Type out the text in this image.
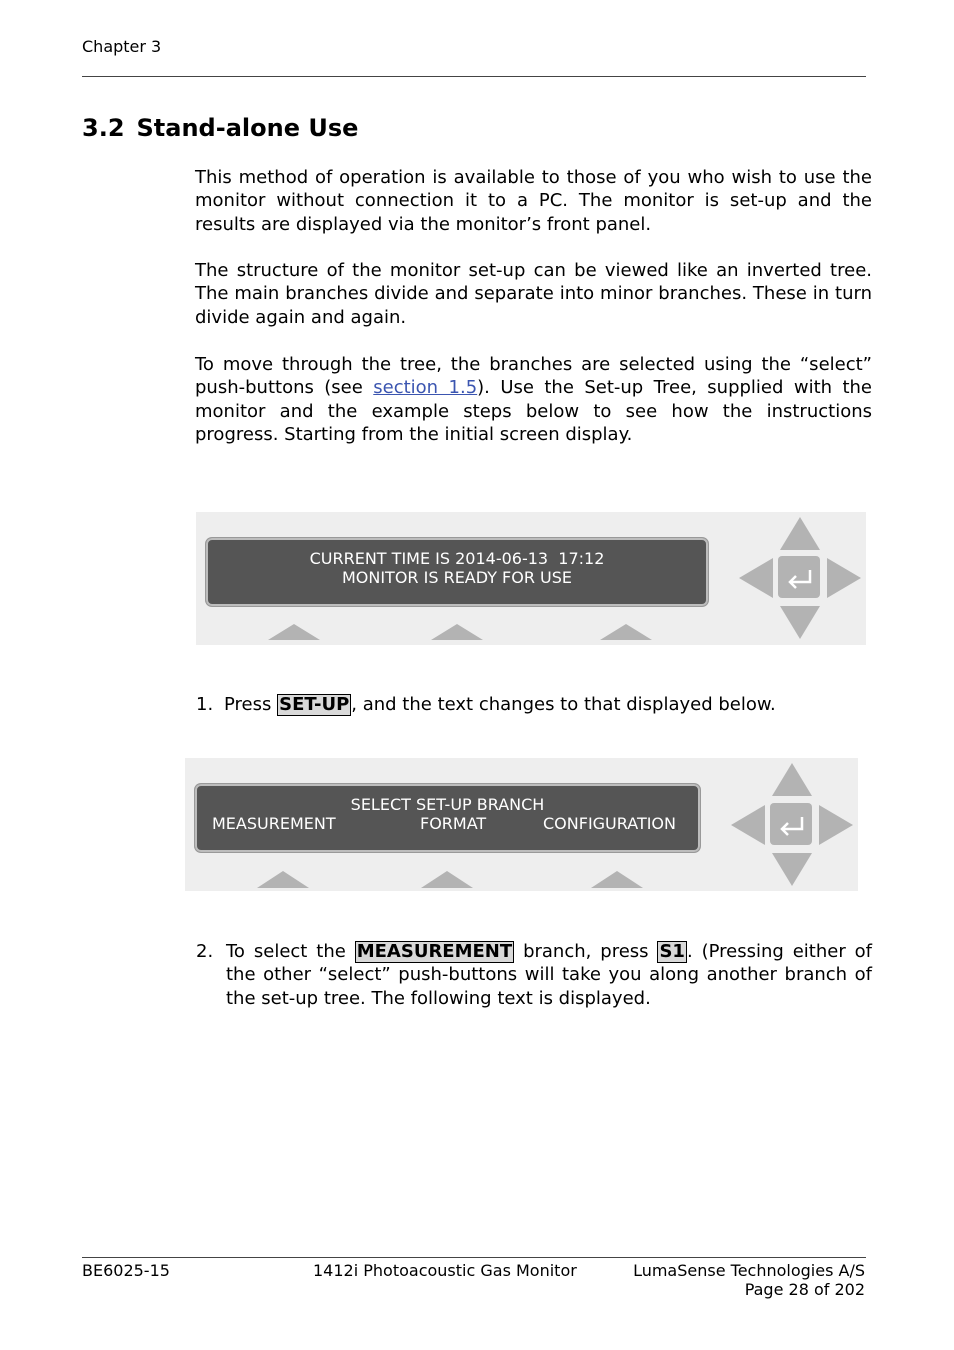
Chapter 3
3.2 Stand-alone Use
This method of operation is available to those of you who wish to use the monitor without connection it to a PC. The monitor is set-up and the results are displayed via the monitor’s front panel.
The structure of the monitor set-up can be viewed like an inverted tree. The main branches divide and separate into minor branches. These in turn divide again and again.
To move through the tree, the branches are selected using the “select” push-buttons (see section 1.5). Use the Set-up Tree, supplied with the monitor and the example steps below to see how the instructions progress. Starting from the initial screen display.
CURRENT TIME IS 2014-06-13  17:12
MONITOR IS READY FOR USE
1. Press SET-UP , and the text changes to that displayed below.
SELECT SET-UP BRANCH
MEASUREMENT	FORMAT	CONFIGURATION
2. To select the MEASUREMENT branch, press S1 . (Pressing either of the other “select” push-buttons will take you along another branch of the set-up tree. The following text is displayed.
BE6025-15	1412i Photoacoustic Gas Monitor	LumaSense Technologies A/S
Page 28 of 202
